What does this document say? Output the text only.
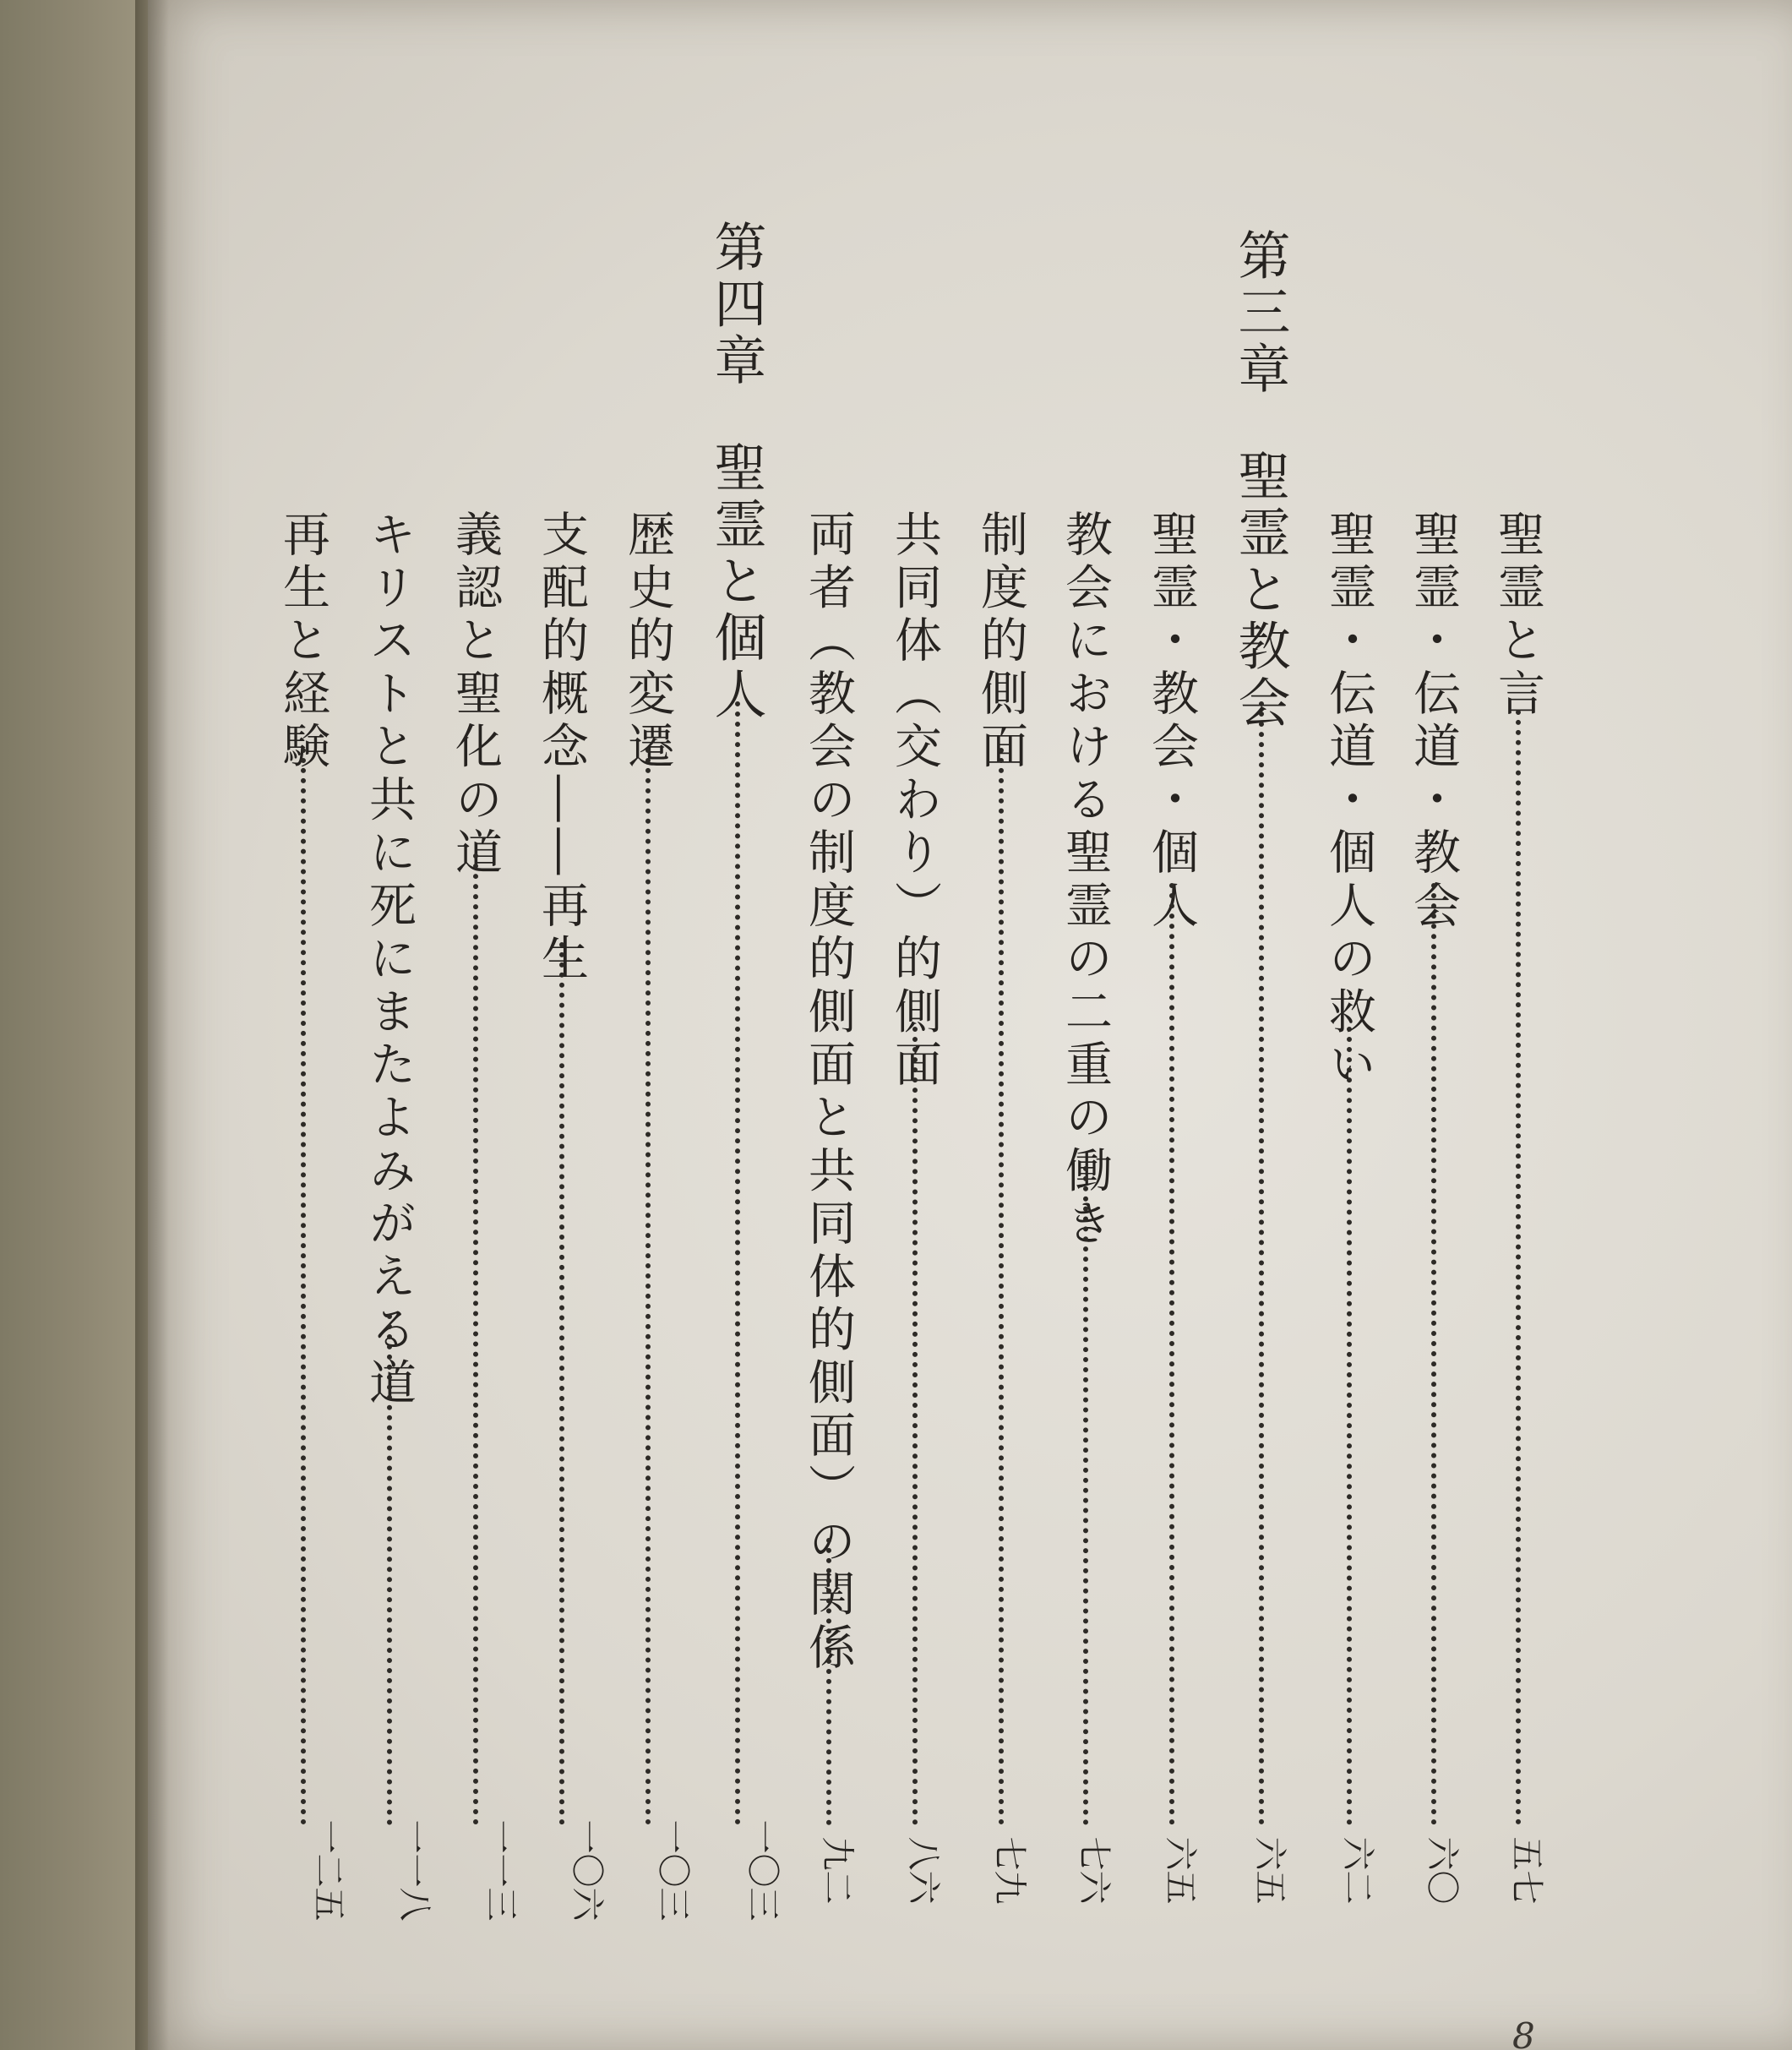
聖霊と言
五七
聖霊・伝道・教会
六〇
聖霊・伝道・個人の救い
六二
第三章聖霊と教会
六五
聖霊・教会・個人
六五
教会における聖霊の二重の働き
七六
制度的側面
七九
共同体（交わり）的側面
八六
両者（教会の制度的側面と共同体的側面）の関係
九二
第四章聖霊と個人
一〇三
歴史的変遷
一〇三
支配的概念――再生
一〇六
義認と聖化の道
一一三
キリストと共に死にまたよみがえる道
一一八
再生と経験
一二五
8
